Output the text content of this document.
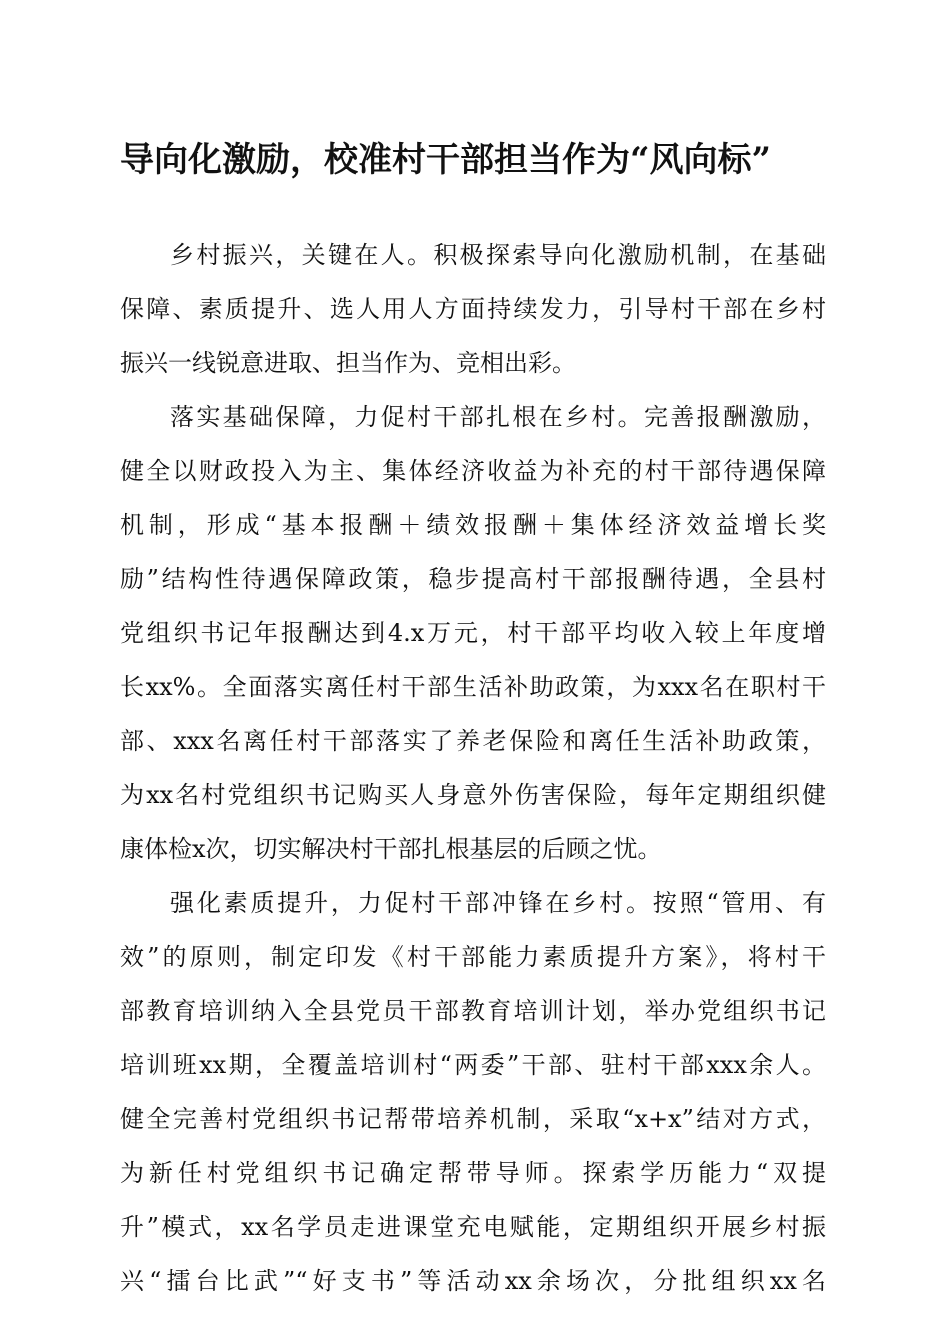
导向化激励，校准村干部担当作为“风向标”
乡村振兴，关键在人。积极探索导向化激励机制，在基础
保障、素质提升、选人用人方面持续发力，引导村干部在乡村
振兴一线锐意进取、担当作为、竞相出彩。
落实基础保障，力促村干部扎根在乡村。完善报酬激励，
健全以财政投入为主、集体经济收益为补充的村干部待遇保障
机制，形成“基本报酬＋绩效报酬＋集体经济效益增长奖
励”结构性待遇保障政策，稳步提高村干部报酬待遇，全县村
党组织书记年报酬达到4.x万元，村干部平均收入较上年度增
长xx%。全面落实离任村干部生活补助政策，为xxx名在职村干
部、xxx名离任村干部落实了养老保险和离任生活补助政策，
为xx名村党组织书记购买人身意外伤害保险，每年定期组织健
康体检x次，切实解决村干部扎根基层的后顾之忧。
强化素质提升，力促村干部冲锋在乡村。按照“管用、有
效”的原则，制定印发《村干部能力素质提升方案》，将村干
部教育培训纳入全县党员干部教育培训计划，举办党组织书记
培训班xx期，全覆盖培训村“两委”干部、驻村干部xxx余人。
健全完善村党组织书记帮带培养机制，采取“x+x”结对方式，
为新任村党组织书记确定帮带导师。探索学历能力“双提
升”模式，xx名学员走进课堂充电赋能，定期组织开展乡村振
兴“擂台比武”“好支书”等活动xx余场次，分批组织xx名
